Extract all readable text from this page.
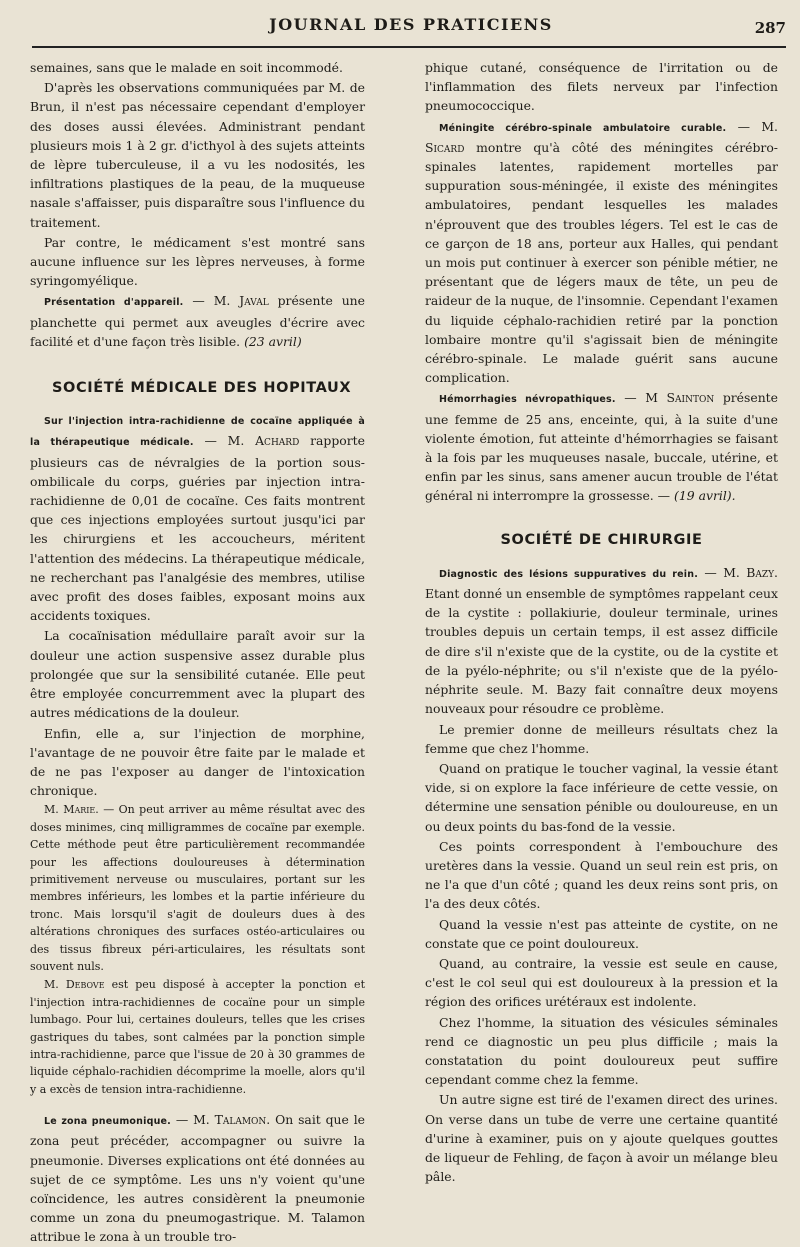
JOURNAL DES PRATICIENS	287

semaines, sans que le malade en soit incommodé.

D'après les observations communiquées par M. de Brun, il n'est pas nécessaire cependant d'employer des doses aussi élevées. Administrant pendant plusieurs mois 1 à 2 gr. d'icthyol à des sujets atteints de lèpre tuberculeuse, il a vu les nodosités, les infiltrations plastiques de la peau, de la muqueuse nasale s'affaisser, puis disparaître sous l'influence du traitement.

Par contre, le médicament s'est montré sans aucune influence sur les lèpres nerveuses, à forme syringomyélique.

Présentation d'appareil. — M. Javal présente une planchette qui permet aux aveugles d'écrire avec facilité et d'une façon très lisible. (23 avril)

SOCIÉTÉ MÉDICALE DES HOPITAUX

Sur l'injection intra-rachidienne de cocaïne appliquée à la thérapeutique médicale. — M. Achard rapporte plusieurs cas de névralgies de la portion sous-ombilicale du corps, guéries par injection intra-rachidienne de 0,01 de cocaïne. Ces faits montrent que ces injections employées surtout jusqu'ici par les chirurgiens et les accoucheurs, méritent l'attention des médecins. La thérapeutique médicale, ne recherchant pas l'analgésie des membres, utilise avec profit des doses faibles, exposant moins aux accidents toxiques.

La cocaïnisation médullaire paraît avoir sur la douleur une action suspensive assez durable plus prolongée que sur la sensibilité cutanée. Elle peut être employée concurremment avec la plupart des autres médications de la douleur.

Enfin, elle a, sur l'injection de morphine, l'avantage de ne pouvoir être faite par le malade et de ne pas l'exposer au danger de l'intoxication chronique.

M. Marie. — On peut arriver au même résultat avec des doses minimes, cinq milligrammes de cocaïne par exemple. Cette méthode peut être particulièrement recommandée pour les affections douloureuses à détermination primitivement nerveuse ou musculaires, portant sur les membres inférieurs, les lombes et la partie inférieure du tronc. Mais lorsqu'il s'agit de douleurs dues à des altérations chroniques des surfaces ostéo-articulaires ou des tissus fibreux péri-articulaires, les résultats sont souvent nuls.

M. Debove est peu disposé à accepter la ponction et l'injection intra-rachidiennes de cocaïne pour un simple lumbago. Pour lui, certaines douleurs, telles que les crises gastriques du tabes, sont calmées par la ponction simple intra-rachidienne, parce que l'issue de 20 à 30 grammes de liquide céphalo-rachidien décomprime la moelle, alors qu'il y a excès de tension intra-rachidienne.

Le zona pneumonique. — M. Talamon. On sait que le zona peut précéder, accompagner ou suivre la pneumonie. Diverses explications ont été données au sujet de ce symptôme. Les uns n'y voient qu'une coïncidence, les autres considèrent la pneumonie comme un zona du pneumogastrique. M. Talamon attribue le zona à un trouble tro-

phique cutané, conséquence de l'irritation ou de l'inflammation des filets nerveux par l'infection pneumococcique.

Méningite cérébro-spinale ambulatoire curable. — M. Sicard montre qu'à côté des méningites cérébro-spinales latentes, rapidement mortelles par suppuration sous-méningée, il existe des méningites ambulatoires, pendant lesquelles les malades n'éprouvent que des troubles légers. Tel est le cas de ce garçon de 18 ans, porteur aux Halles, qui pendant un mois put continuer à exercer son pénible métier, ne présentant que de légers maux de tête, un peu de raideur de la nuque, de l'insomnie. Cependant l'examen du liquide céphalo-rachidien retiré par la ponction lombaire montre qu'il s'agissait bien de méningite cérébro-spinale. Le malade guérit sans aucune complication.

Hémorrhagies névropathiques. — M Sainton présente une femme de 25 ans, enceinte, qui, à la suite d'une violente émotion, fut atteinte d'hémorrhagies se faisant à la fois par les muqueuses nasale, buccale, utérine, et enfin par les sinus, sans amener aucun trouble de l'état général ni interrompre la grossesse. — (19 avril).

SOCIÉTÉ DE CHIRURGIE

Diagnostic des lésions suppuratives du rein. — M. Bazy. Etant donné un ensemble de symptômes rappelant ceux de la cystite : pollakiurie, douleur terminale, urines troubles depuis un certain temps, il est assez difficile de dire s'il n'existe que de la cystite, ou de la cystite et de la pyélo-néphrite; ou s'il n'existe que de la pyélo-néphrite seule. M. Bazy fait connaître deux moyens nouveaux pour résoudre ce problème.

Le premier donne de meilleurs résultats chez la femme que chez l'homme.

Quand on pratique le toucher vaginal, la vessie étant vide, si on explore la face inférieure de cette vessie, on détermine une sensation pénible ou douloureuse, en un ou deux points du bas-fond de la vessie.

Ces points correspondent à l'embouchure des uretères dans la vessie. Quand un seul rein est pris, on ne l'a que d'un côté ; quand les deux reins sont pris, on l'a des deux côtés.

Quand la vessie n'est pas atteinte de cystite, on ne constate que ce point douloureux.

Quand, au contraire, la vessie est seule en cause, c'est le col seul qui est douloureux à la pression et la région des orifices urétéraux est indolente.

Chez l'homme, la situation des vésicules séminales rend ce diagnostic un peu plus difficile ; mais la constatation du point douloureux peut suffire cependant comme chez la femme.

Un autre signe est tiré de l'examen direct des urines. On verse dans un tube de verre une certaine quantité d'urine à examiner, puis on y ajoute quelques gouttes de liqueur de Fehling, de façon à avoir un mélange bleu pâle.
